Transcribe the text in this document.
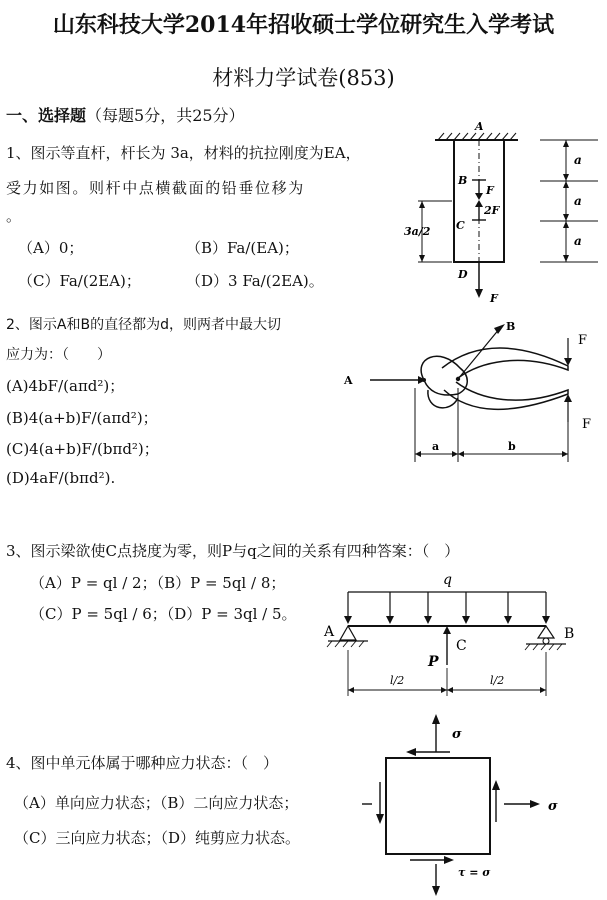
山东科技大学2014年招收硕士学位研究生入学考试
材料力学试卷(853)
一、选择题（每题5分，共25分）
1、图示等直杆，杆长为 3a，材料的抗拉刚度为EA，
受力如图。则杆中点横截面的铅垂位移为
。
（A）0；	（B）Fa/(EA)；
（C）Fa/(2EA)；	（D）3 Fa/(2EA)。
A
B
F
2F
C
D
F
3a/2
a
a
a
2、图示A和B的直径都为d，则两者中最大切
应力为：（　　）
(A)4bF/(aπd²)；
(B)4(a+b)F/(aπd²)；
(C)4(a+b)F/(bπd²)；
(D)4aF/(bπd²).
A
B
F
F
a	b
3、图示梁欲使C点挠度为零，则P与q之间的关系有四种答案：（　）
（A）P = ql / 2；（B）P = 5ql / 8；
（C）P = 5ql / 6；（D）P = 3ql / 5。
q
A	B
C
P
l/2	l/2
4、图中单元体属于哪种应力状态：（　）
（A）单向应力状态；（B）二向应力状态；
（C）三向应力状态；（D）纯剪应力状态。
σ
σ
τ = σ
